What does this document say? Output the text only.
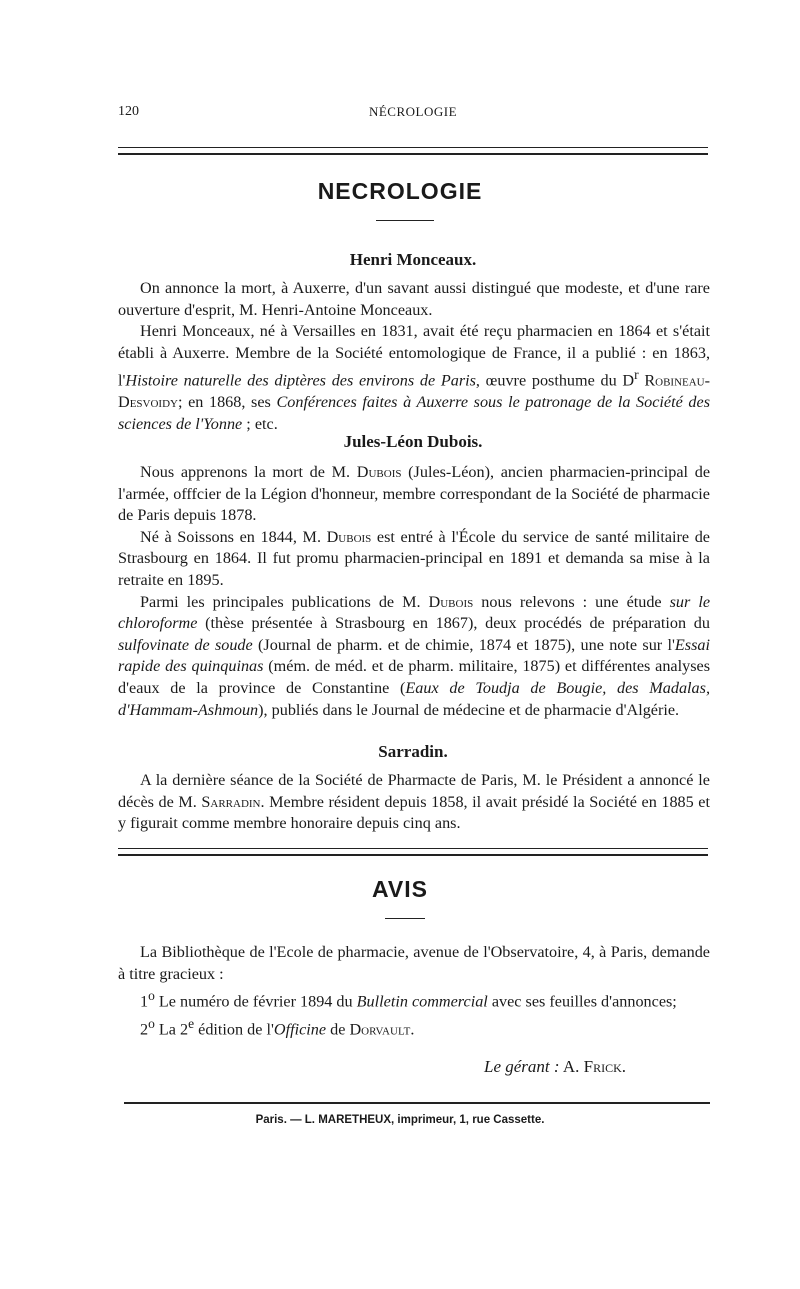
120	NÉCROLOGIE
NECROLOGIE
Henri Monceaux.

On annonce la mort, à Auxerre, d'un savant aussi distingué que modeste, et d'une rare ouverture d'esprit, M. Henri-Antoine Monceaux.

Henri Monceaux, né à Versailles en 1831, avait été reçu pharmacien en 1864 et s'était établi à Auxerre. Membre de la Société entomologique de France, il a publié : en 1863, l'Histoire naturelle des diptères des environs de Paris, œuvre posthume du $D^r$ Robineau-Desvoidy; en 1868, ses Conférences faites à Auxerre sous le patronage de la Société des sciences de l'Yonne ; etc.

Jules-Léon Dubois.

Nous apprenons la mort de M. Dubois (Jules-Léon), ancien pharmacien-principal de l'armée, offfcier de la Légion d'honneur, membre correspondant de la Société de pharmacie de Paris depuis 1878.

Né à Soissons en 1844, M. Dubois est entré à l'École du service de santé militaire de Strasbourg en 1864. Il fut promu pharmacien-principal en 1891 et demanda sa mise à la retraite en 1895.

Parmi les principales publications de M. Dubois nous relevons : une étude sur le chloroforme (thèse présentée à Strasbourg en 1867), deux procédés de préparation du sulfovinate de soude (Journal de pharm. et de chimie, 1874 et 1875), une note sur l'Essai rapide des quinquinas (mém. de méd. et de pharm. militaire, 1875) et différentes analyses d'eaux de la province de Constantine (Eaux de Toudja de Bougie, des Madalas, d'Hammam-Ashmoun), publiés dans le Journal de médecine et de pharmacie d'Algérie.

Sarradin.

A la dernière séance de la Société de Pharmacte de Paris, M. le Président a annoncé le décès de M. Sarradin. Membre résident depuis 1858, il avait présidé la Société en 1885 et y figurait comme membre honoraire depuis cinq ans.

AVIS

La Bibliothèque de l'Ecole de pharmacie, avenue de l'Observatoire, 4, à Paris, demande à titre gracieux :

1$^o$ Le numéro de février 1894 du Bulletin commercial avec ses feuilles d'annonces;

2$^o$ La 2e édition de l'Officine de Dorvault.

Le gérant : A. Frick.
Paris. — L. MARETHEUX, imprimeur, 1, rue Cassette.
